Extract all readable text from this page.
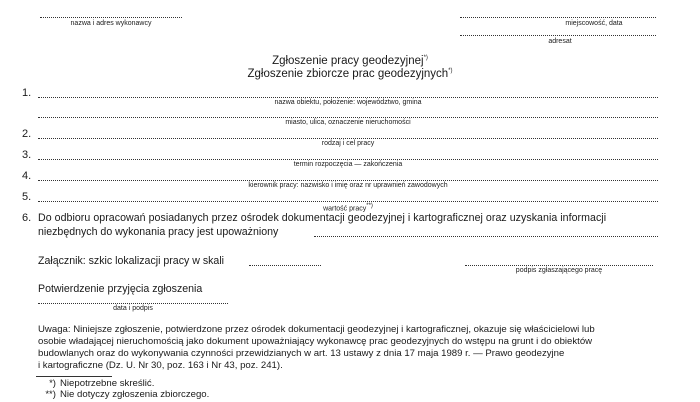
nazwa i adres wykonawcy	miejscowość, data
adresat
Zgłoszenie pracy geodezyjnej*)
Zgłoszenie zbiorcze prac geodezyjnych*)
1.
nazwa obiektu, położenie: województwo, gmina
miasto, ulica, oznaczenie nieruchomości
2.
rodzaj i cel pracy
3.
termin rozpoczęcia — zakończenia
4.
kierownik pracy: nazwisko i imię oraz nr uprawnień zawodowych
5.
wartość pracy**)
6. Do odbioru opracowań posiadanych przez ośrodek dokumentacji geodezyjnej i kartograficznej oraz uzyskania informacji
niezbędnych do wykonania pracy jest upoważniony
Załącznik: szkic lokalizacji pracy w skali
podpis zgłaszającego pracę
Potwierdzenie przyjęcia zgłoszenia
data i podpis
Uwaga: Niniejsze zgłoszenie, potwierdzone przez ośrodek dokumentacji geodezyjnej i kartograficznej, okazuje się właścicielowi lub
osobie władającej nieruchomością jako dokument upoważniający wykonawcę prac geodezyjnych do wstępu na grunt i do obiektów
budowlanych oraz do wykonywania czynności przewidzianych w art. 13 ustawy z dnia 17 maja 1989 r. — Prawo geodezyjne
i kartograficzne (Dz. U. Nr 30, poz. 163 i Nr 43, poz. 241).
*) Niepotrzebne skreślić.
**) Nie dotyczy zgłoszenia zbiorczego.
